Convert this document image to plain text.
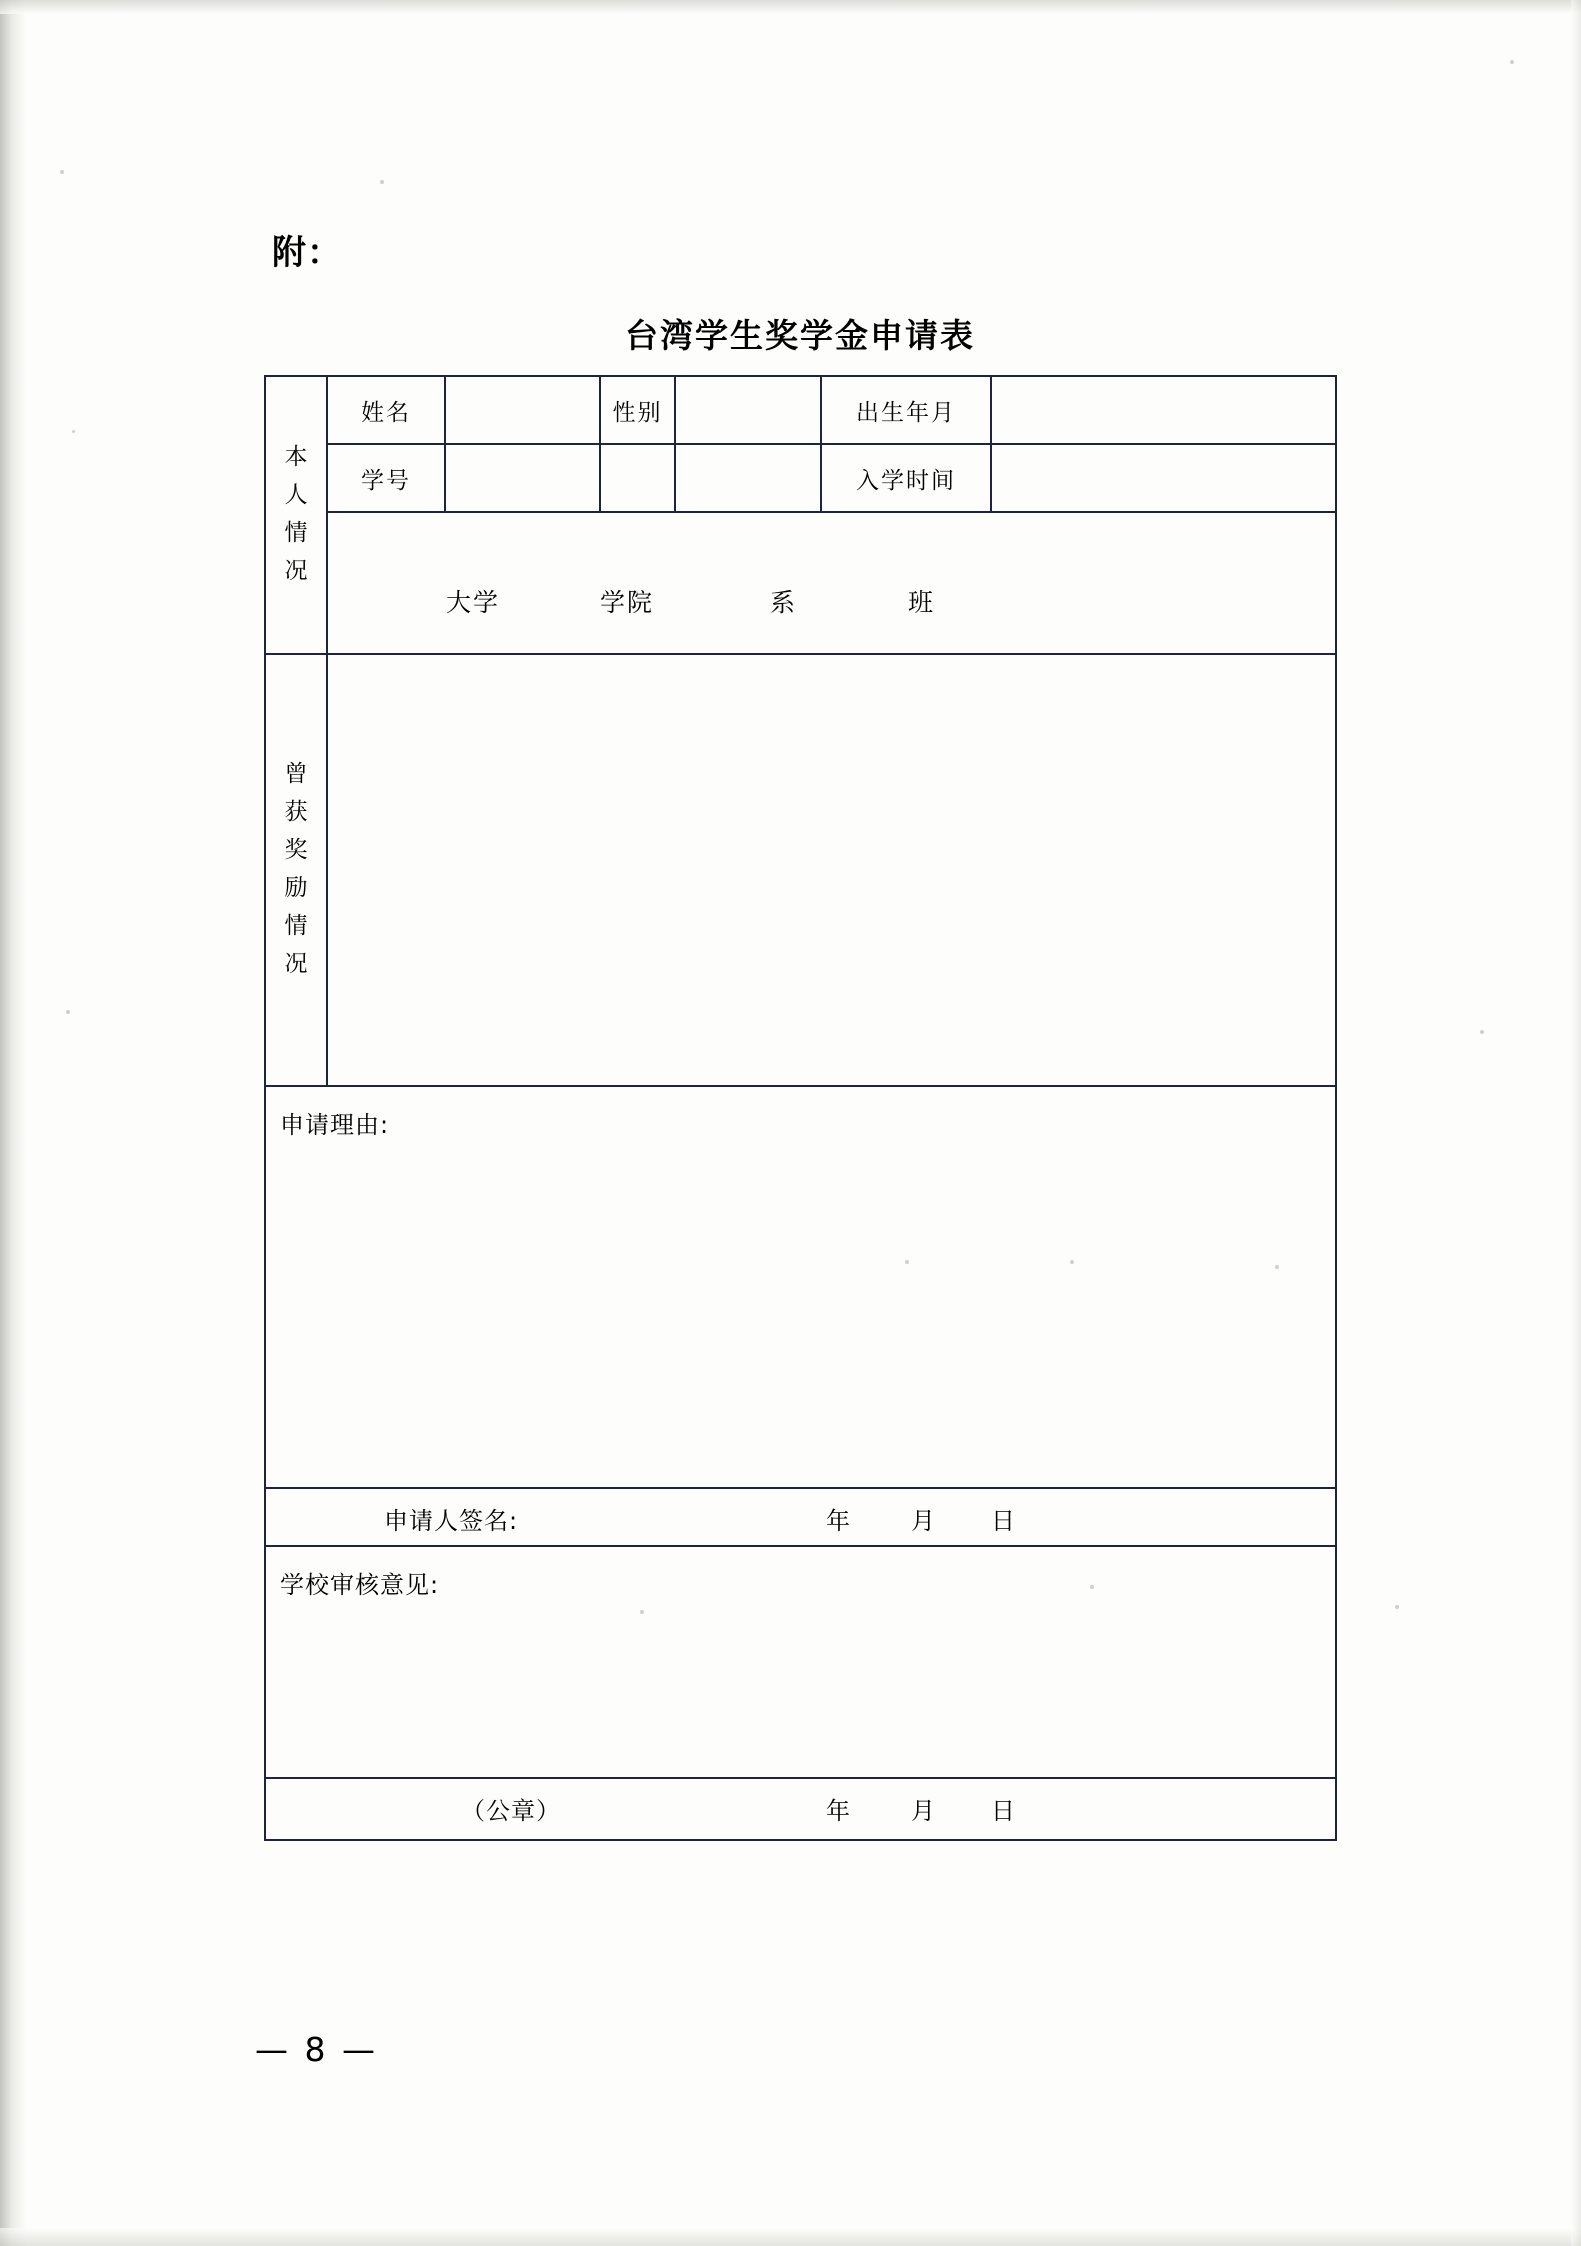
附：
台湾学生奖学金申请表
本
人
情
况	姓名		性别		出生年月	
	学号				入学时间	

	大学 学院 系 班					

曾
获
奖
励
情
况

申请理由:						

申请人签名: 年 月 日						

学校审核意见:						

（公章） 年 月 日						
— 8 —
